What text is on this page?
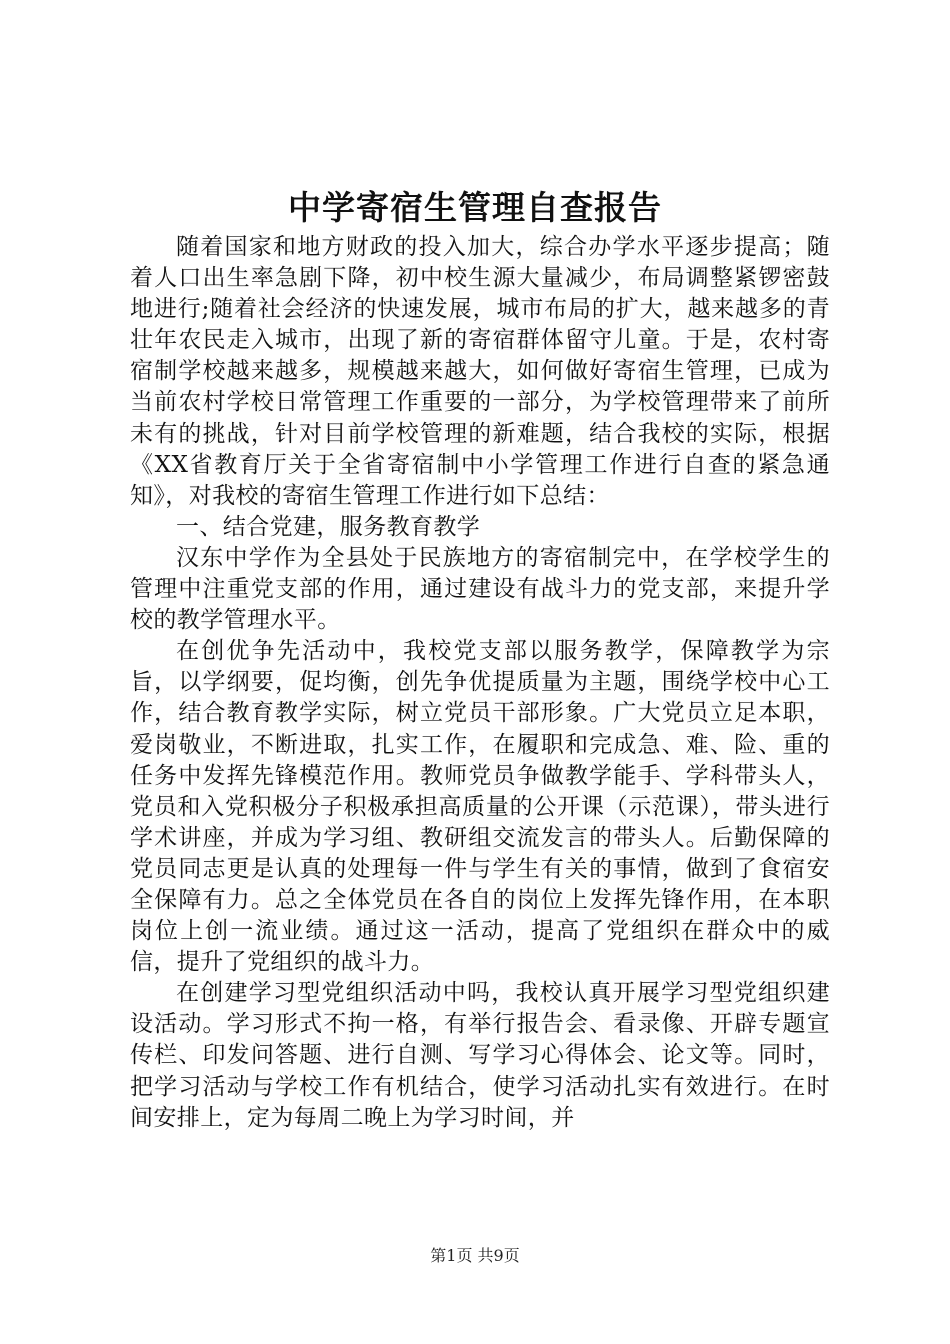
中学寄宿生管理自查报告

随着国家和地方财政的投入加大，综合办学水平逐步提高；随着人口出生率急剧下降，初中校生源大量减少，布局调整紧锣密鼓地进行;随着社会经济的快速发展，城市布局的扩大，越来越多的青壮年农民走入城市，出现了新的寄宿群体留守儿童。于是，农村寄宿制学校越来越多，规模越来越大，如何做好寄宿生管理，已成为当前农村学校日常管理工作重要的一部分，为学校管理带来了前所未有的挑战，针对目前学校管理的新难题，结合我校的实际，根据《XX省教育厅关于全省寄宿制中小学管理工作进行自查的紧急通知》，对我校的寄宿生管理工作进行如下总结：

一、结合党建，服务教育教学

汉东中学作为全县处于民族地方的寄宿制完中，在学校学生的管理中注重党支部的作用，通过建设有战斗力的党支部，来提升学校的教学管理水平。

在创优争先活动中，我校党支部以服务教学，保障教学为宗旨，以学纲要，促均衡，创先争优提质量为主题，围绕学校中心工作，结合教育教学实际，树立党员干部形象。广大党员立足本职，爱岗敬业，不断进取，扎实工作，在履职和完成急、难、险、重的任务中发挥先锋模范作用。教师党员争做教学能手、学科带头人，党员和入党积极分子积极承担高质量的公开课（示范课），带头进行学术讲座，并成为学习组、教研组交流发言的带头人。后勤保障的党员同志更是认真的处理每一件与学生有关的事情，做到了食宿安全保障有力。总之全体党员在各自的岗位上发挥先锋作用，在本职岗位上创一流业绩。通过这一活动，提高了党组织在群众中的威信，提升了党组织的战斗力。

在创建学习型党组织活动中吗，我校认真开展学习型党组织建设活动。学习形式不拘一格，有举行报告会、看录像、开辟专题宣传栏、印发问答题、进行自测、写学习心得体会、论文等。同时，把学习活动与学校工作有机结合，使学习活动扎实有效进行。在时间安排上，定为每周二晚上为学习时间，并

第1页 共9页
